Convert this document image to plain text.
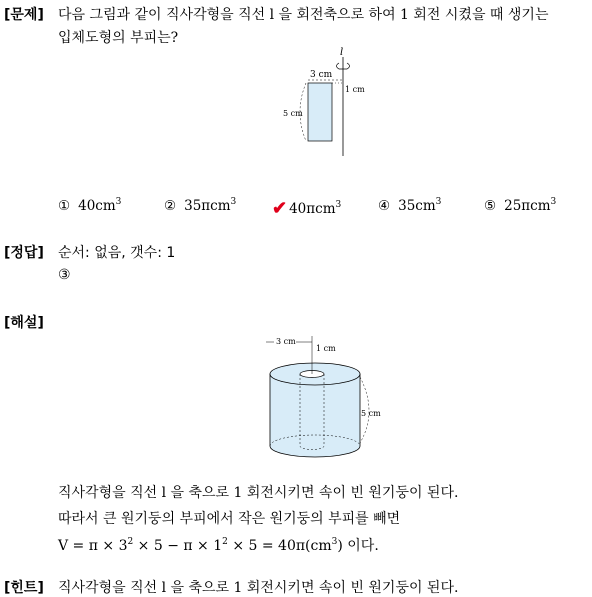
[문제] 다음 그림과 같이 직사각형을 직선 l 을 회전축으로 하여 1 회전 시켰을 때 생기는
입체도형의 부피는?
l
3 cm
1 cm
5 cm
① $40cm^3$	② 35πcm$^3$ ✔ 40πcm$^3$	④ $35cm^3$	⑤ 25πcm$^3$
[정답] 순서: 없음, 갯수: 1
③
[해설]
3 cm
1 cm
5 cm
직사각형을 직선 l 을 축으로 1 회전시키면 속이 빈 원기둥이 된다.
따라서 큰 원기둥의 부피에서 작은 원기둥의 부피를 빼면
$V = \pi \times 3^2 \times 5 - \pi \times 1^2 \times 5 = 40\pi(cm^3)$ 이다.
[힌트] 직사각형을 직선 l 을 축으로 1 회전시키면 속이 빈 원기둥이 된다.
